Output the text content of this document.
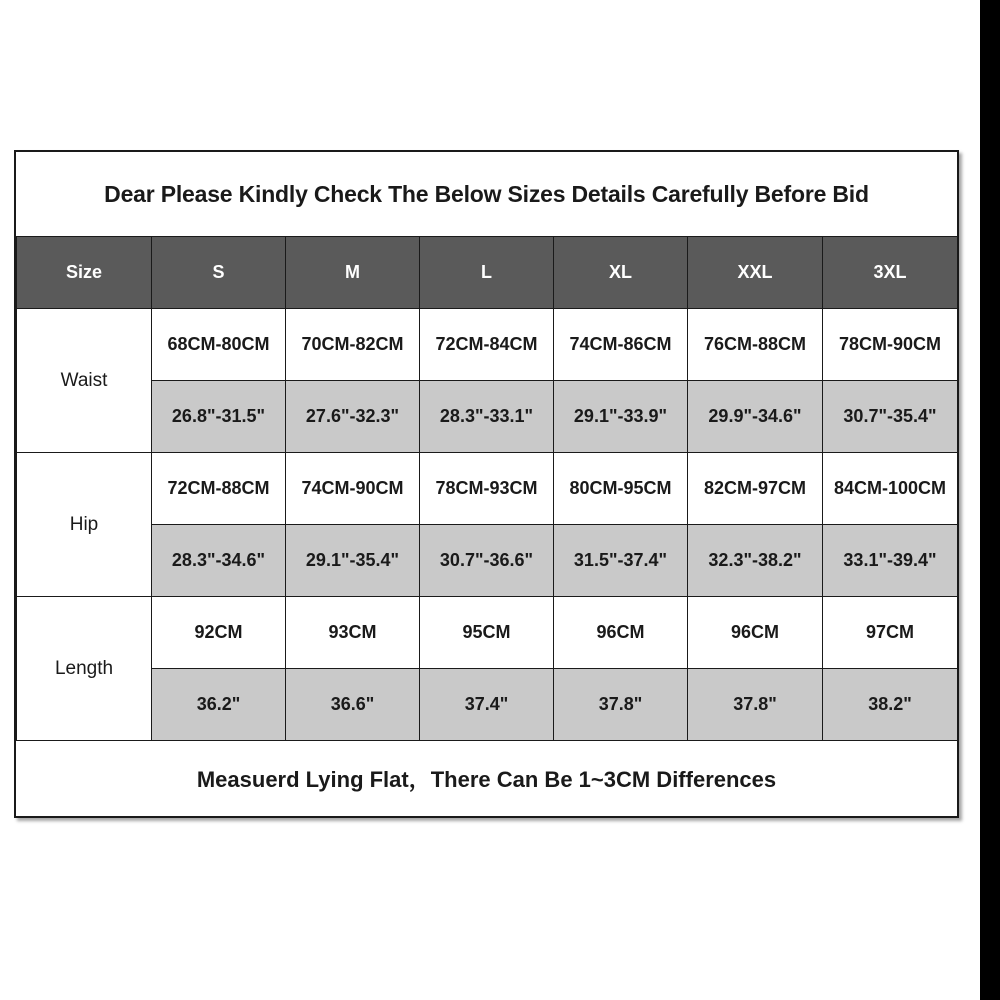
Dear Please Kindly Check The Below Sizes Details Carefully Before Bid
Size	S	M	L	XL	XXL	3XL
Waist	68CM-80CM	70CM-82CM	72CM-84CM	74CM-86CM	76CM-88CM	78CM-90CM
	26.8"-31.5"	27.6"-32.3"	28.3"-33.1"	29.1"-33.9"	29.9"-34.6"	30.7"-35.4"
Hip	72CM-88CM	74CM-90CM	78CM-93CM	80CM-95CM	82CM-97CM	84CM-100CM
	28.3"-34.6"	29.1"-35.4"	30.7"-36.6"	31.5"-37.4"	32.3"-38.2"	33.1"-39.4"
Length	92CM	93CM	95CM	96CM	96CM	97CM
	36.2"	36.6"	37.4"	37.8"	37.8"	38.2"
Measuerd Lying Flat，There Can Be 1~3CM Differences
